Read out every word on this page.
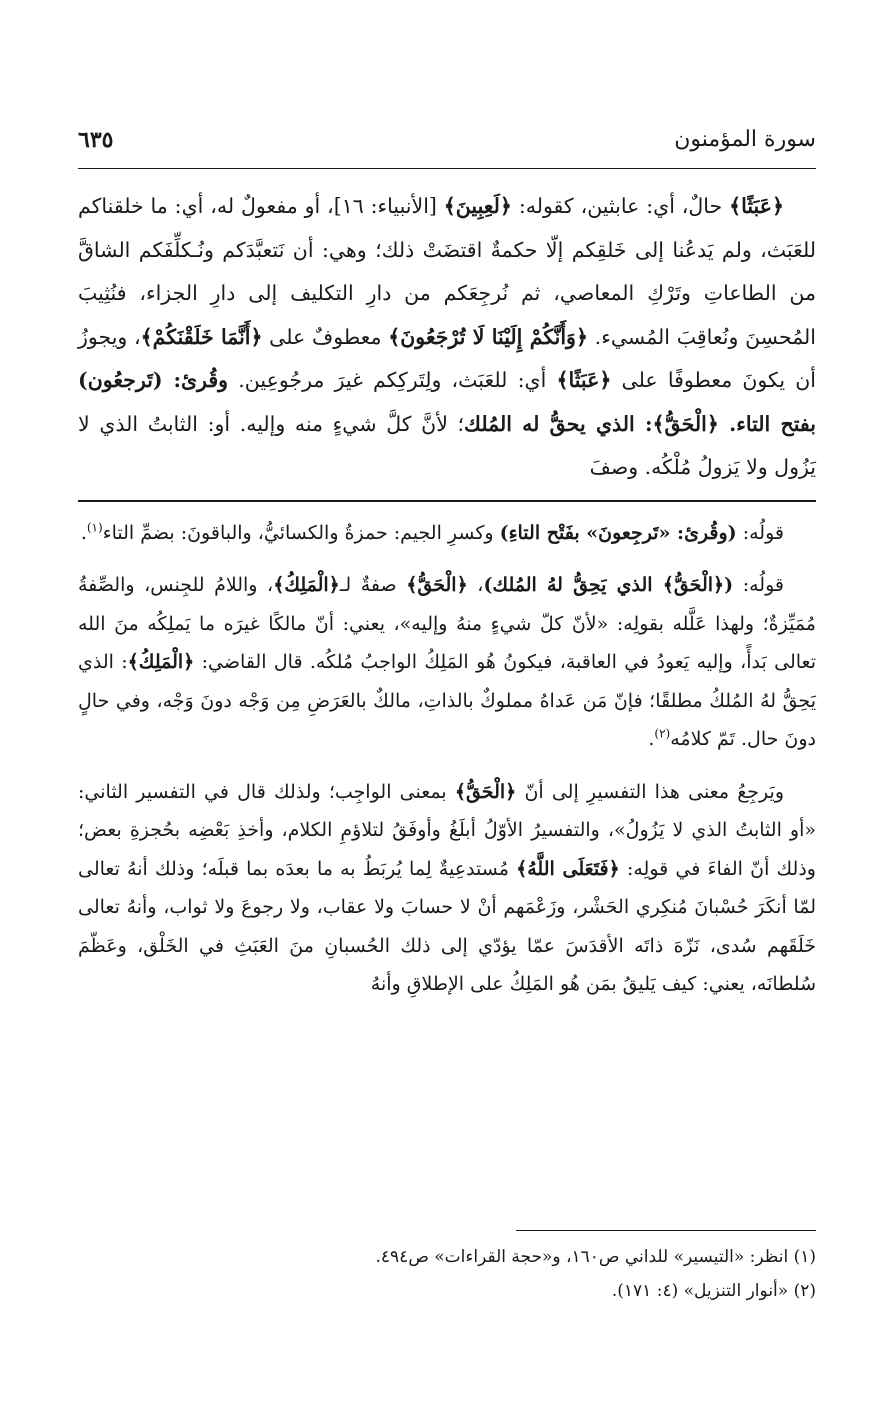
سورة المؤمنون
٦٣٥
﴿عَبَثًا﴾ حالٌ، أي: عابثين، كقوله: ﴿لَعِبِينَ﴾ [الأنبياء: ١٦]، أو مفعولٌ له، أي: ما خلقناكم للعَبَث، ولم يَدعُنا إلى خَلقِكم إلّا حكمةٌ اقتضَتْ ذلك؛ وهي: أن نَتعبَّدَكم ونُـكلِّفَكم الشاقَّ من الطاعاتِ وتَرْكِ المعاصي، ثم نُرجِعَكم من دارِ التكليف إلى دارِ الجزاء، فنُثِيبَ المُحسِنَ ونُعاقِبَ المُسيء. ﴿وَأَنَّكُمْ إِلَيْنَا لَا تُرْجَعُونَ﴾ معطوفٌ على ﴿أَنَّمَا خَلَقْنَكُمْ﴾، ويجوزُ أن يكونَ معطوفًا على ﴿عَبَثًا﴾ أي: للعَبَث، ولِتَركِكم غيرَ مرجُوعِين. وقُرئ: (تَرجعُون) بفتح التاء. ﴿الْحَقُّ﴾: الذي يحقُّ له المُلك؛ لأنَّ كلَّ شيءٍ منه وإليه. أو: الثابتُ الذي لا يَزُول ولا يَزولُ مُلْكُه. وصفَ

قولُه: (وقُرئ: «تَرجِعونَ» بفَتْح التاءِ) وكسرِ الجيم: حمزةُ والكسائيُّ، والباقونَ: بضمِّ التاء$^{(١)}$.

قولُه: (﴿الْحَقُّ﴾ الذي يَحِقُّ لهُ المُلك)، ﴿الْحَقُّ﴾ صفةٌ لـ﴿الْمَلِكُ﴾، واللامُ للجِنس، والصِّفةُ مُمَيِّزةٌ؛ ولهذا عَلَّله بقولِه: «لأنّ كلّ شيءٍ منهُ وإليه»، يعني: أنّ مالكًا غيرَه ما يَملِكُه منَ الله تعالى بَدأً، وإليه يَعودُ في العاقبة، فيكونُ هُو المَلِكُ الواجبُ مُلكُه. قال القاضي: ﴿الْمَلِكُ﴾: الذي يَحِقُّ لهُ المُلكُ مطلقًا؛ فإنّ مَن عَداهُ مملوكٌ بالذاتِ، مالكٌ بالعَرَضِ مِن وَجْه دونَ وَجْه، وفي حالٍ دونَ حال. تَمّ كلامُه$^{(٢)}$.

ويَرجِعُ معنى هذا التفسيرِ إلى أنّ ﴿الْحَقُّ﴾ بمعنى الواجِب؛ ولذلك قال في التفسير الثاني: «أو الثابتُ الذي لا يَزُولُ»، والتفسيرُ الأوّلُ أبلَغُ وأوفَقُ لتلاؤمِ الكلام، وأخذِ بَعْضِه بحُجزةِ بعض؛ وذلك أنّ الفاءَ في قولِه: ﴿فَتَعَلَى اللَّهُ﴾ مُستدعِيةٌ لِما يُربَطُ به ما بعدَه بما قبلَه؛ وذلك أنهُ تعالى لمّا أنكَرَ حُسْبانَ مُنكِري الحَشْر، وزَعْمَهم أنْ لا حسابَ ولا عقاب، ولا رجوعَ ولا ثواب، وأنهُ تعالى خَلَقَهم سُدى، نَزّهَ ذاتَه الأقدَسَ عمّا يؤدّي إلى ذلك الحُسبانِ منَ العَبَثِ في الخَلْق، وعَظّمَ سُلطانَه، يعني: كيف يَليقُ بمَن هُو المَلِكُ على الإطلاقِ وأنهُ

(١) انظر: «التيسير» للداني ص١٦٠، و«حجة القراءات» ص٤٩٤.
(٢) «أنوار التنزيل» (٤: ١٧١).
